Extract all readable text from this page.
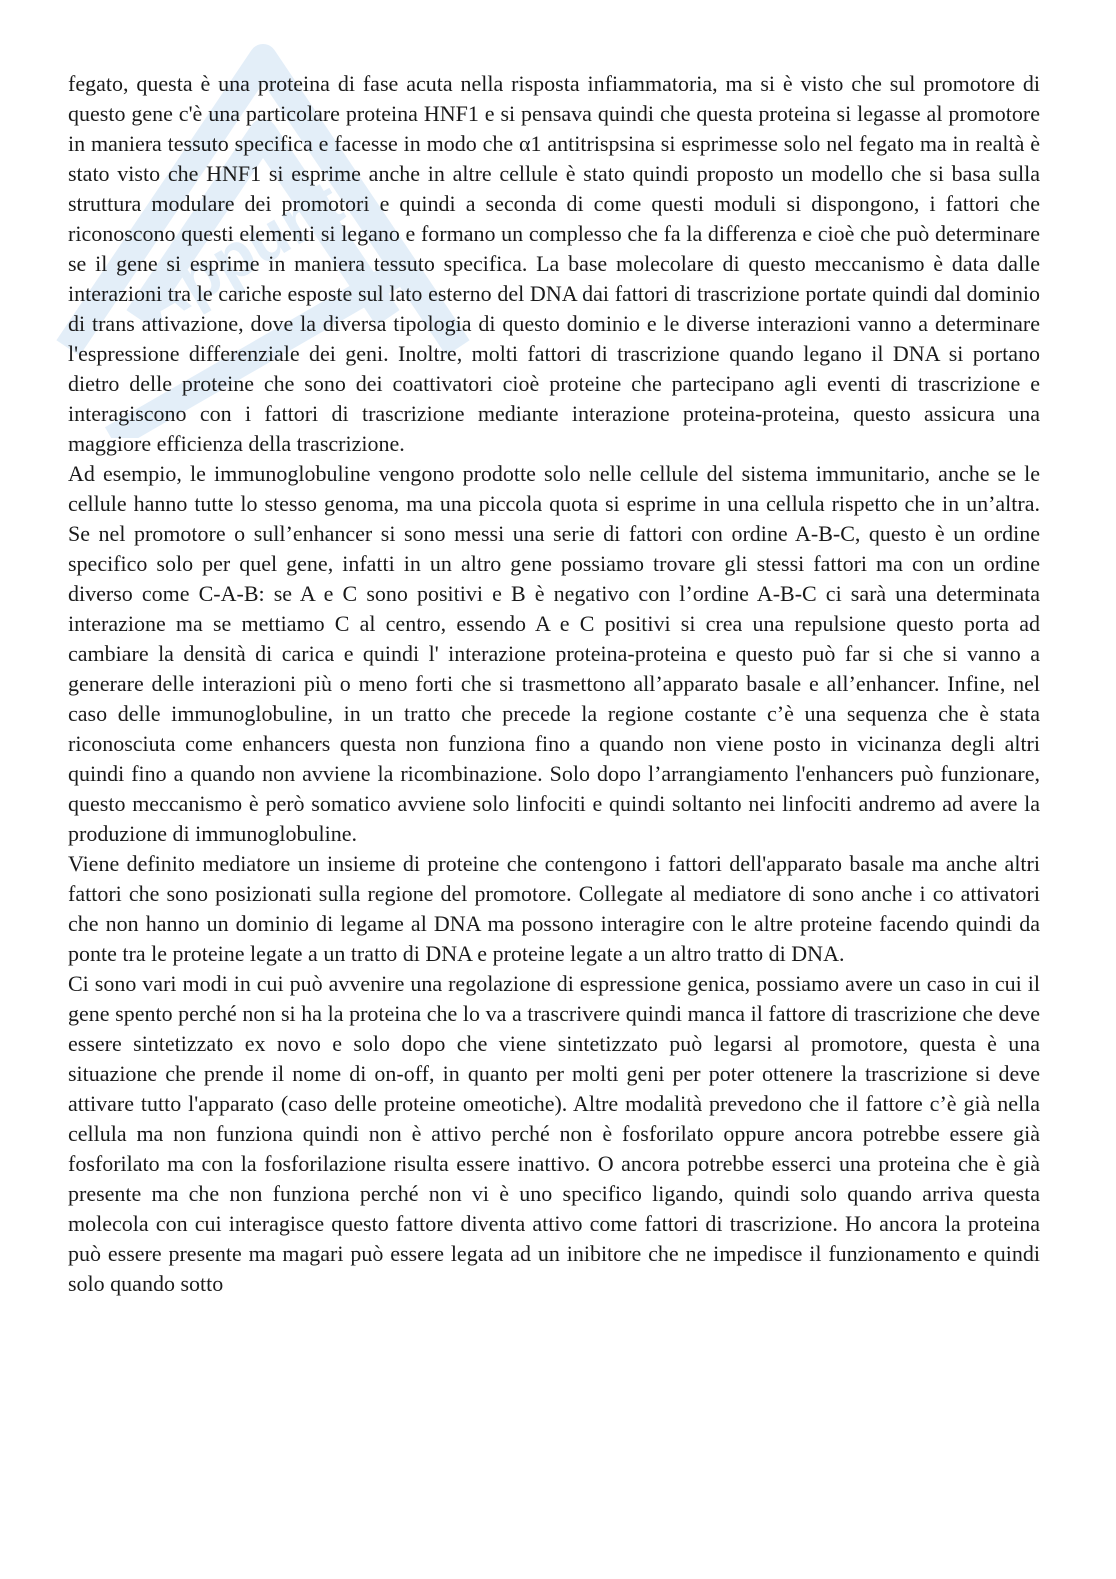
Appunti

fegato, questa è una proteina di fase acuta nella risposta infiammatoria, ma si è visto che sul promotore di questo gene c'è una particolare proteina HNF1 e si pensava quindi che questa proteina si legasse al promotore in maniera tessuto specifica e facesse in modo che α1 antitrispsina si esprimesse solo nel fegato ma in realtà è stato visto che HNF1 si esprime anche in altre cellule è stato quindi proposto un modello che si basa sulla struttura modulare dei promotori e quindi a seconda di come questi moduli si dispongono, i fattori che riconoscono questi elementi si legano e formano un complesso che fa la differenza e cioè che può determinare se il gene si esprime in maniera tessuto specifica. La base molecolare di questo meccanismo è data dalle interazioni tra le cariche esposte sul lato esterno del DNA dai fattori di trascrizione portate quindi dal dominio di trans attivazione, dove la diversa tipologia di questo dominio e le diverse interazioni vanno a determinare l'espressione differenziale dei geni. Inoltre, molti fattori di trascrizione quando legano il DNA si portano dietro delle proteine che sono dei coattivatori cioè proteine che partecipano agli eventi di trascrizione e interagiscono con i fattori di trascrizione mediante interazione proteina-proteina, questo assicura una maggiore efficienza della trascrizione.

Ad esempio, le immunoglobuline vengono prodotte solo nelle cellule del sistema immunitario, anche se le cellule hanno tutte lo stesso genoma, ma una piccola quota si esprime in una cellula rispetto che in un’altra. Se nel promotore o sull’enhancer si sono messi una serie di fattori con ordine A-B-C, questo è un ordine specifico solo per quel gene, infatti in un altro gene possiamo trovare gli stessi fattori ma con un ordine diverso come C-A-B: se A e C sono positivi e B è negativo con l’ordine A-B-C ci sarà una determinata interazione ma se mettiamo C al centro, essendo A e C positivi si crea una repulsione questo porta ad cambiare la densità di carica e quindi l' interazione proteina-proteina e questo può far si che si vanno a generare delle interazioni più o meno forti che si trasmettono all’apparato basale e all’enhancer. Infine, nel caso delle immunoglobuline, in un tratto che precede la regione costante c’è una sequenza che è stata riconosciuta come enhancers questa non funziona fino a quando non viene posto in vicinanza degli altri quindi fino a quando non avviene la ricombinazione. Solo dopo l’arrangiamento l'enhancers può funzionare, questo meccanismo è però somatico avviene solo linfociti e quindi soltanto nei linfociti andremo ad avere la produzione di immunoglobuline.

Viene definito mediatore un insieme di proteine che contengono i fattori dell'apparato basale ma anche altri fattori che sono posizionati sulla regione del promotore. Collegate al mediatore di sono anche i co attivatori che non hanno un dominio di legame al DNA ma possono interagire con le altre proteine facendo quindi da ponte tra le proteine legate a un tratto di DNA e proteine legate a un altro tratto di DNA.

Ci sono vari modi in cui può avvenire una regolazione di espressione genica, possiamo avere un caso in cui il gene spento perché non si ha la proteina che lo va a trascrivere quindi manca il fattore di trascrizione che deve essere sintetizzato ex novo e solo dopo che viene sintetizzato può legarsi al promotore, questa è una situazione che prende il nome di on-off, in quanto per molti geni per poter ottenere la trascrizione si deve attivare tutto l'apparato (caso delle proteine omeotiche). Altre modalità prevedono che il fattore c’è già nella cellula ma non funziona quindi non è attivo perché non è fosforilato oppure ancora potrebbe essere già fosforilato ma con la fosforilazione risulta essere inattivo. O ancora potrebbe esserci una proteina che è già presente ma che non funziona perché non vi è uno specifico ligando, quindi solo quando arriva questa molecola con cui interagisce questo fattore diventa attivo come fattori di trascrizione. Ho ancora la proteina può essere presente ma magari può essere legata ad un inibitore che ne impedisce il funzionamento e quindi solo quando sotto
